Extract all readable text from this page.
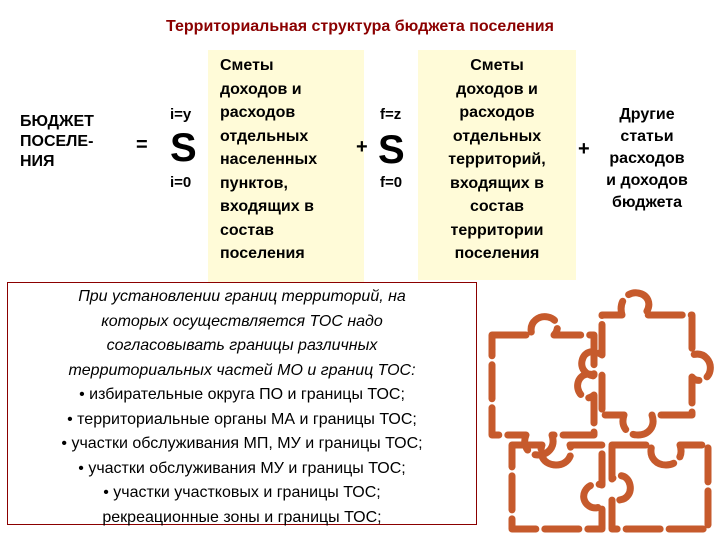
Территориальная структура бюджета поселения
БЮДЖЕТ
ПОСЕЛЕ-
НИЯ
=
i=y
S
i=0
Сметы
доходов и
расходов
отдельных
населенных
пунктов,
входящих в
состав
поселения
+
f=z
S
f=0
Сметы
доходов и
расходов
отдельных
территорий,
входящих в
состав
территории
поселения
+
Другие
статьи
расходов
и доходов
бюджета
При установлении границ территорий, на
которых осуществляется ТОС надо
согласовывать границы различных
территориальных частей МО и границ ТОС:
• избирательные округа ПО и границы ТОС;
• территориальные органы МА и границы ТОС;
• участки обслуживания МП, МУ и границы ТОС;
• участки обслуживания МУ и границы ТОС;
• участки участковых и границы ТОС;
рекреационные зоны и границы ТОС;
